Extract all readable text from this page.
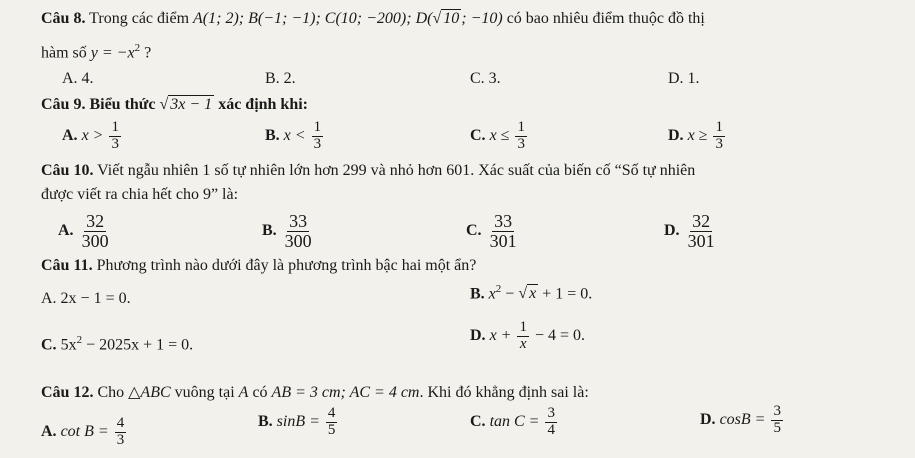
Câu 8. Trong các điểm A(1; 2); B(−1; −1); C(10; −200); D(√ 10 ; −10) có bao nhiêu điểm thuộc đồ thị
hàm số $y = -x^2$ ?
A. 4.	B. 2.	C. 3.	D. 1.
Câu 9. Biểu thức √ 3x − 1 xác định khi:
A. $x > \frac{1}{3}$	B. $x < \frac{1}{3}$	C. $x \le \frac{1}{3}$	D. $x \ge \frac{1}{3}$
Câu 10. Viết ngẫu nhiên 1 số tự nhiên lớn hơn 299 và nhỏ hơn 601. Xác suất của biến cố “Số tự nhiên
được viết ra chia hết cho 9” là:
A. $\frac{32}{300}$	B. $\frac{33}{300}$	C. $\frac{33}{301}$	D. $\frac{32}{301}$
Câu 11. Phương trình nào dưới đây là phương trình bậc hai một ẩn?
A. 2x − 1 = 0.	B. $x^2$ − √ x + 1 = 0.
C. $5x^2 - 2025x + 1 = 0$.
D. $x + \frac{1}{x} - 4 = 0$.
Câu 12. Cho △ABC vuông tại A có AB = 3 cm; AC = 4 cm. Khi đó khẳng định sai là:
A. $\cot B = \frac{4}{3}$	B. $\sin B = \frac{4}{5}$	C. $\tan C = \frac{3}{4}$	D. $\cos B = \frac{3}{5}$
